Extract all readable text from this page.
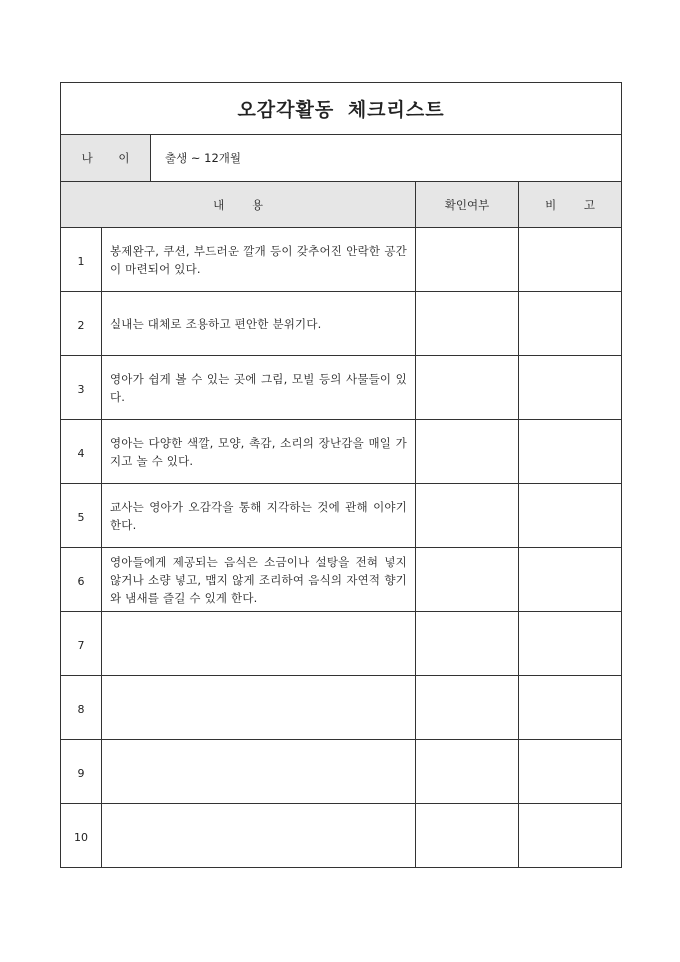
오감각활동 체크리스트				
나 이		출생 ~ 12개월		
내 용			확인여부	비 고
1	봉제완구, 쿠션, 부드러운 깔개 등이 갖추어진 안락한 공간이 마련되어 있다.			
2	실내는 대체로 조용하고 편안한 분위기다.			
3	영아가 쉽게 볼 수 있는 곳에 그림, 모빌 등의 사물들이 있다.			
4	영아는 다양한 색깔, 모양, 촉감, 소리의 장난감을 매일 가지고 놀 수 있다.			
5	교사는 영아가 오감각을 통해 지각하는 것에 관해 이야기 한다.			
6	영아들에게 제공되는 음식은 소금이나 설탕을 전혀 넣지 않거나 소량 넣고, 맵지 않게 조리하여 음식의 자연적 향기와 냄새를 즐길 수 있게 한다.			
7				
8				
9				
10				
